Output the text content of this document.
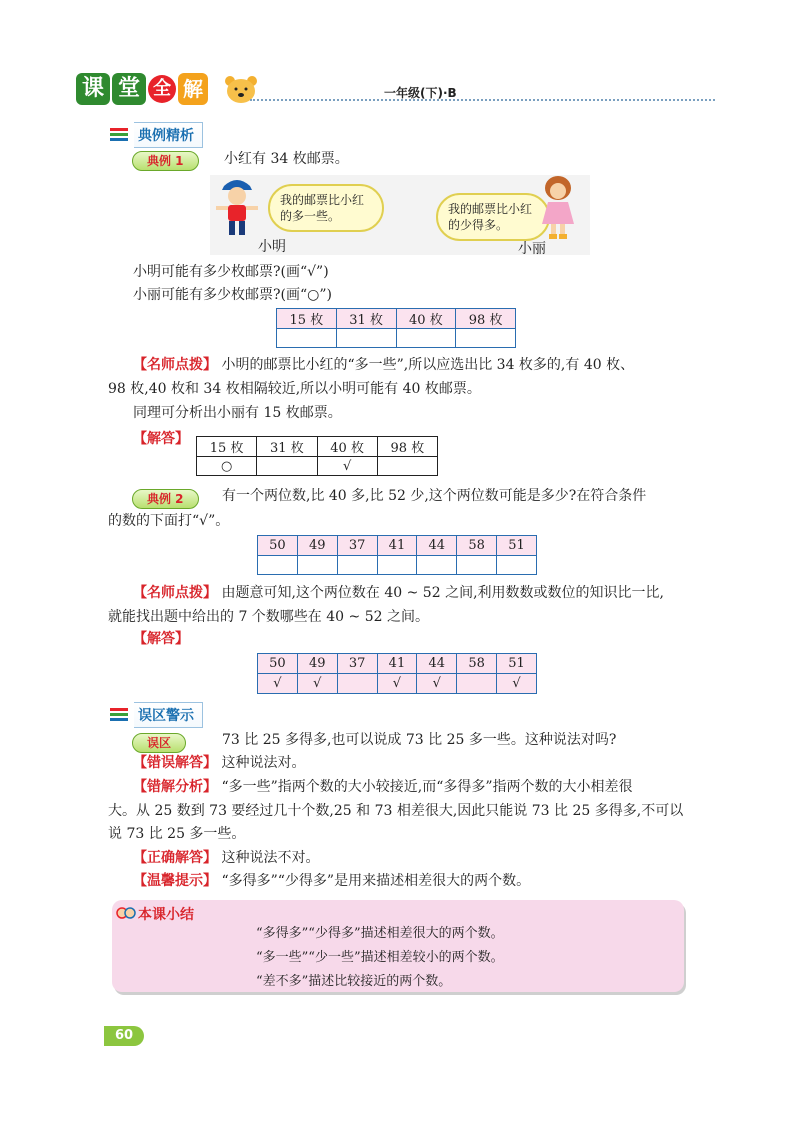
课 堂 全 解	一年级(下)·B
典例精析
典例 1	小红有 34 枚邮票。
我的邮票比小红的多一些。
小明
我的邮票比小红的少得多。
小丽
小明可能有多少枚邮票?(画“√”)
小丽可能有多少枚邮票?(画“○”)
15 枚	31 枚	40 枚	98 枚

【名师点拨】 小明的邮票比小红的“多一些”,所以应选出比 34 枚多的,有 40 枚、
98 枚,40 枚和 34 枚相隔较近,所以小明可能有 40 枚邮票。
同理可分析出小丽有 15 枚邮票。
【解答】
15 枚	31 枚	40 枚	98 枚
○		√	
典例 2	有一个两位数,比 40 多,比 52 少,这个两位数可能是多少?在符合条件
的数的下面打“√”。
50	49	37	41	44	58	51

【名师点拨】 由题意可知,这个两位数在 40 ~ 52 之间,利用数数或数位的知识比一比,
就能找出题中给出的 7 个数哪些在 40 ~ 52 之间。
【解答】
50	49	37	41	44	58	51
√	√		√	√		√
误区警示
误区	73 比 25 多得多,也可以说成 73 比 25 多一些。这种说法对吗?
【错误解答】 这种说法对。
【错解分析】 “多一些”指两个数的大小较接近,而“多得多”指两个数的大小相差很
大。从 25 数到 73 要经过几十个数,25 和 73 相差很大,因此只能说 73 比 25 多得多,不可以
说 73 比 25 多一些。
【正确解答】 这种说法不对。
【温馨提示】 “多得多”“少得多”是用来描述相差很大的两个数。
本课小结
“多得多”“少得多”描述相差很大的两个数。
“多一些”“少一些”描述相差较小的两个数。
“差不多”描述比较接近的两个数。
60
